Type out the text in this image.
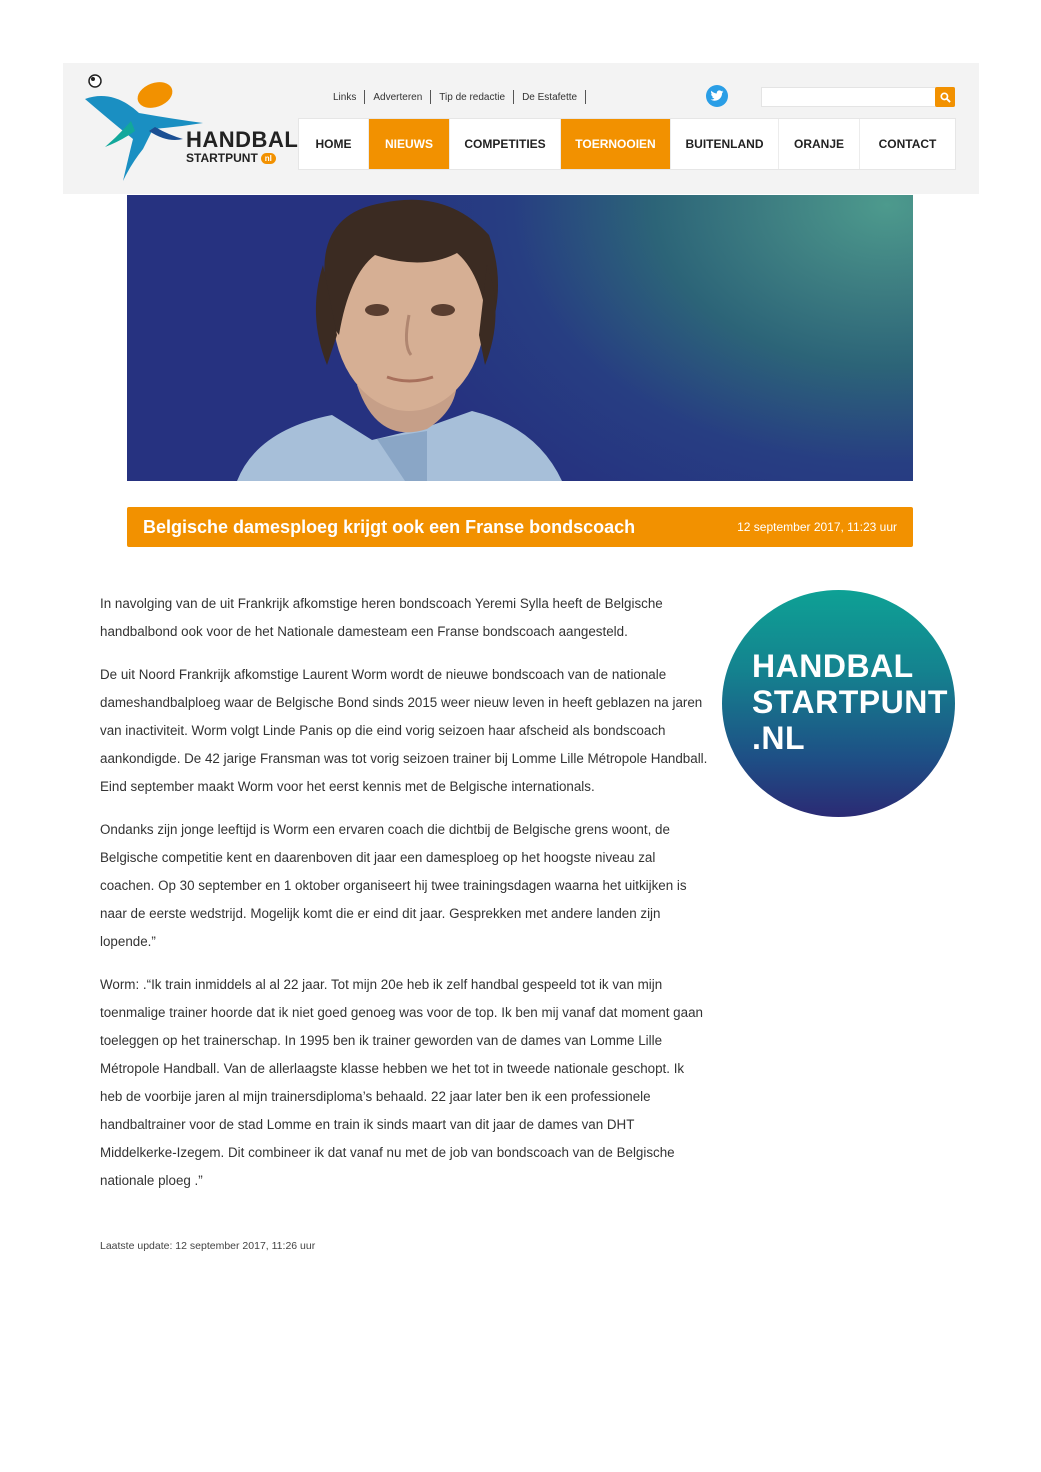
HANDBAL
STARTPUNT nl
Links	Adverteren	Tip de redactie	De Estafette
HOME	NIEUWS	COMPETITIES	TOERNOOIEN	BUITENLAND	ORANJE	CONTACT
Belgische damesploeg krijgt ook een Franse bondscoach	12 september 2017, 11:23 uur

In navolging van de uit Frankrijk afkomstige heren bondscoach Yeremi Sylla heeft de Belgische handbalbond ook voor de het Nationale damesteam een Franse bondscoach aangesteld.

De uit Noord Frankrijk afkomstige Laurent Worm wordt de nieuwe bondscoach van de nationale dameshandbalploeg waar de Belgische Bond sinds 2015 weer nieuw leven in heeft geblazen na jaren van inactiviteit. Worm volgt Linde Panis op die eind vorig seizoen haar afscheid als bondscoach aankondigde. De 42 jarige Fransman was tot vorig seizoen trainer bij Lomme Lille Métropole Handball. Eind september maakt Worm voor het eerst kennis met de Belgische internationals.

Ondanks zijn jonge leeftijd is Worm een ervaren coach die dichtbij de Belgische grens woont, de Belgische competitie kent en daarenboven dit jaar een damesploeg op het hoogste niveau zal coachen. Op 30 september en 1 oktober organiseert hij twee trainingsdagen waarna het uitkijken is naar de eerste wedstrijd. Mogelijk komt die er eind dit jaar. Gesprekken met andere landen zijn lopende.”

Worm: .“Ik train inmiddels al al 22 jaar. Tot mijn 20e heb ik zelf handbal gespeeld tot ik van mijn toenmalige trainer hoorde dat ik niet goed genoeg was voor de top. Ik ben mij vanaf dat moment gaan toeleggen op het trainerschap. In 1995 ben ik trainer geworden van de dames van Lomme Lille Métropole Handball. Van de allerlaagste klasse hebben we het tot in tweede nationale geschopt. Ik heb de voorbije jaren al mijn trainersdiploma’s behaald. 22 jaar later ben ik een professionele handbaltrainer voor de stad Lomme en train ik sinds maart van dit jaar de dames van DHT Middelkerke-Izegem. Dit combineer ik dat vanaf nu met de job van bondscoach van de Belgische nationale ploeg .”

Laatste update: 12 september 2017, 11:26 uur
HANDBAL
STARTPUNT
.NL
